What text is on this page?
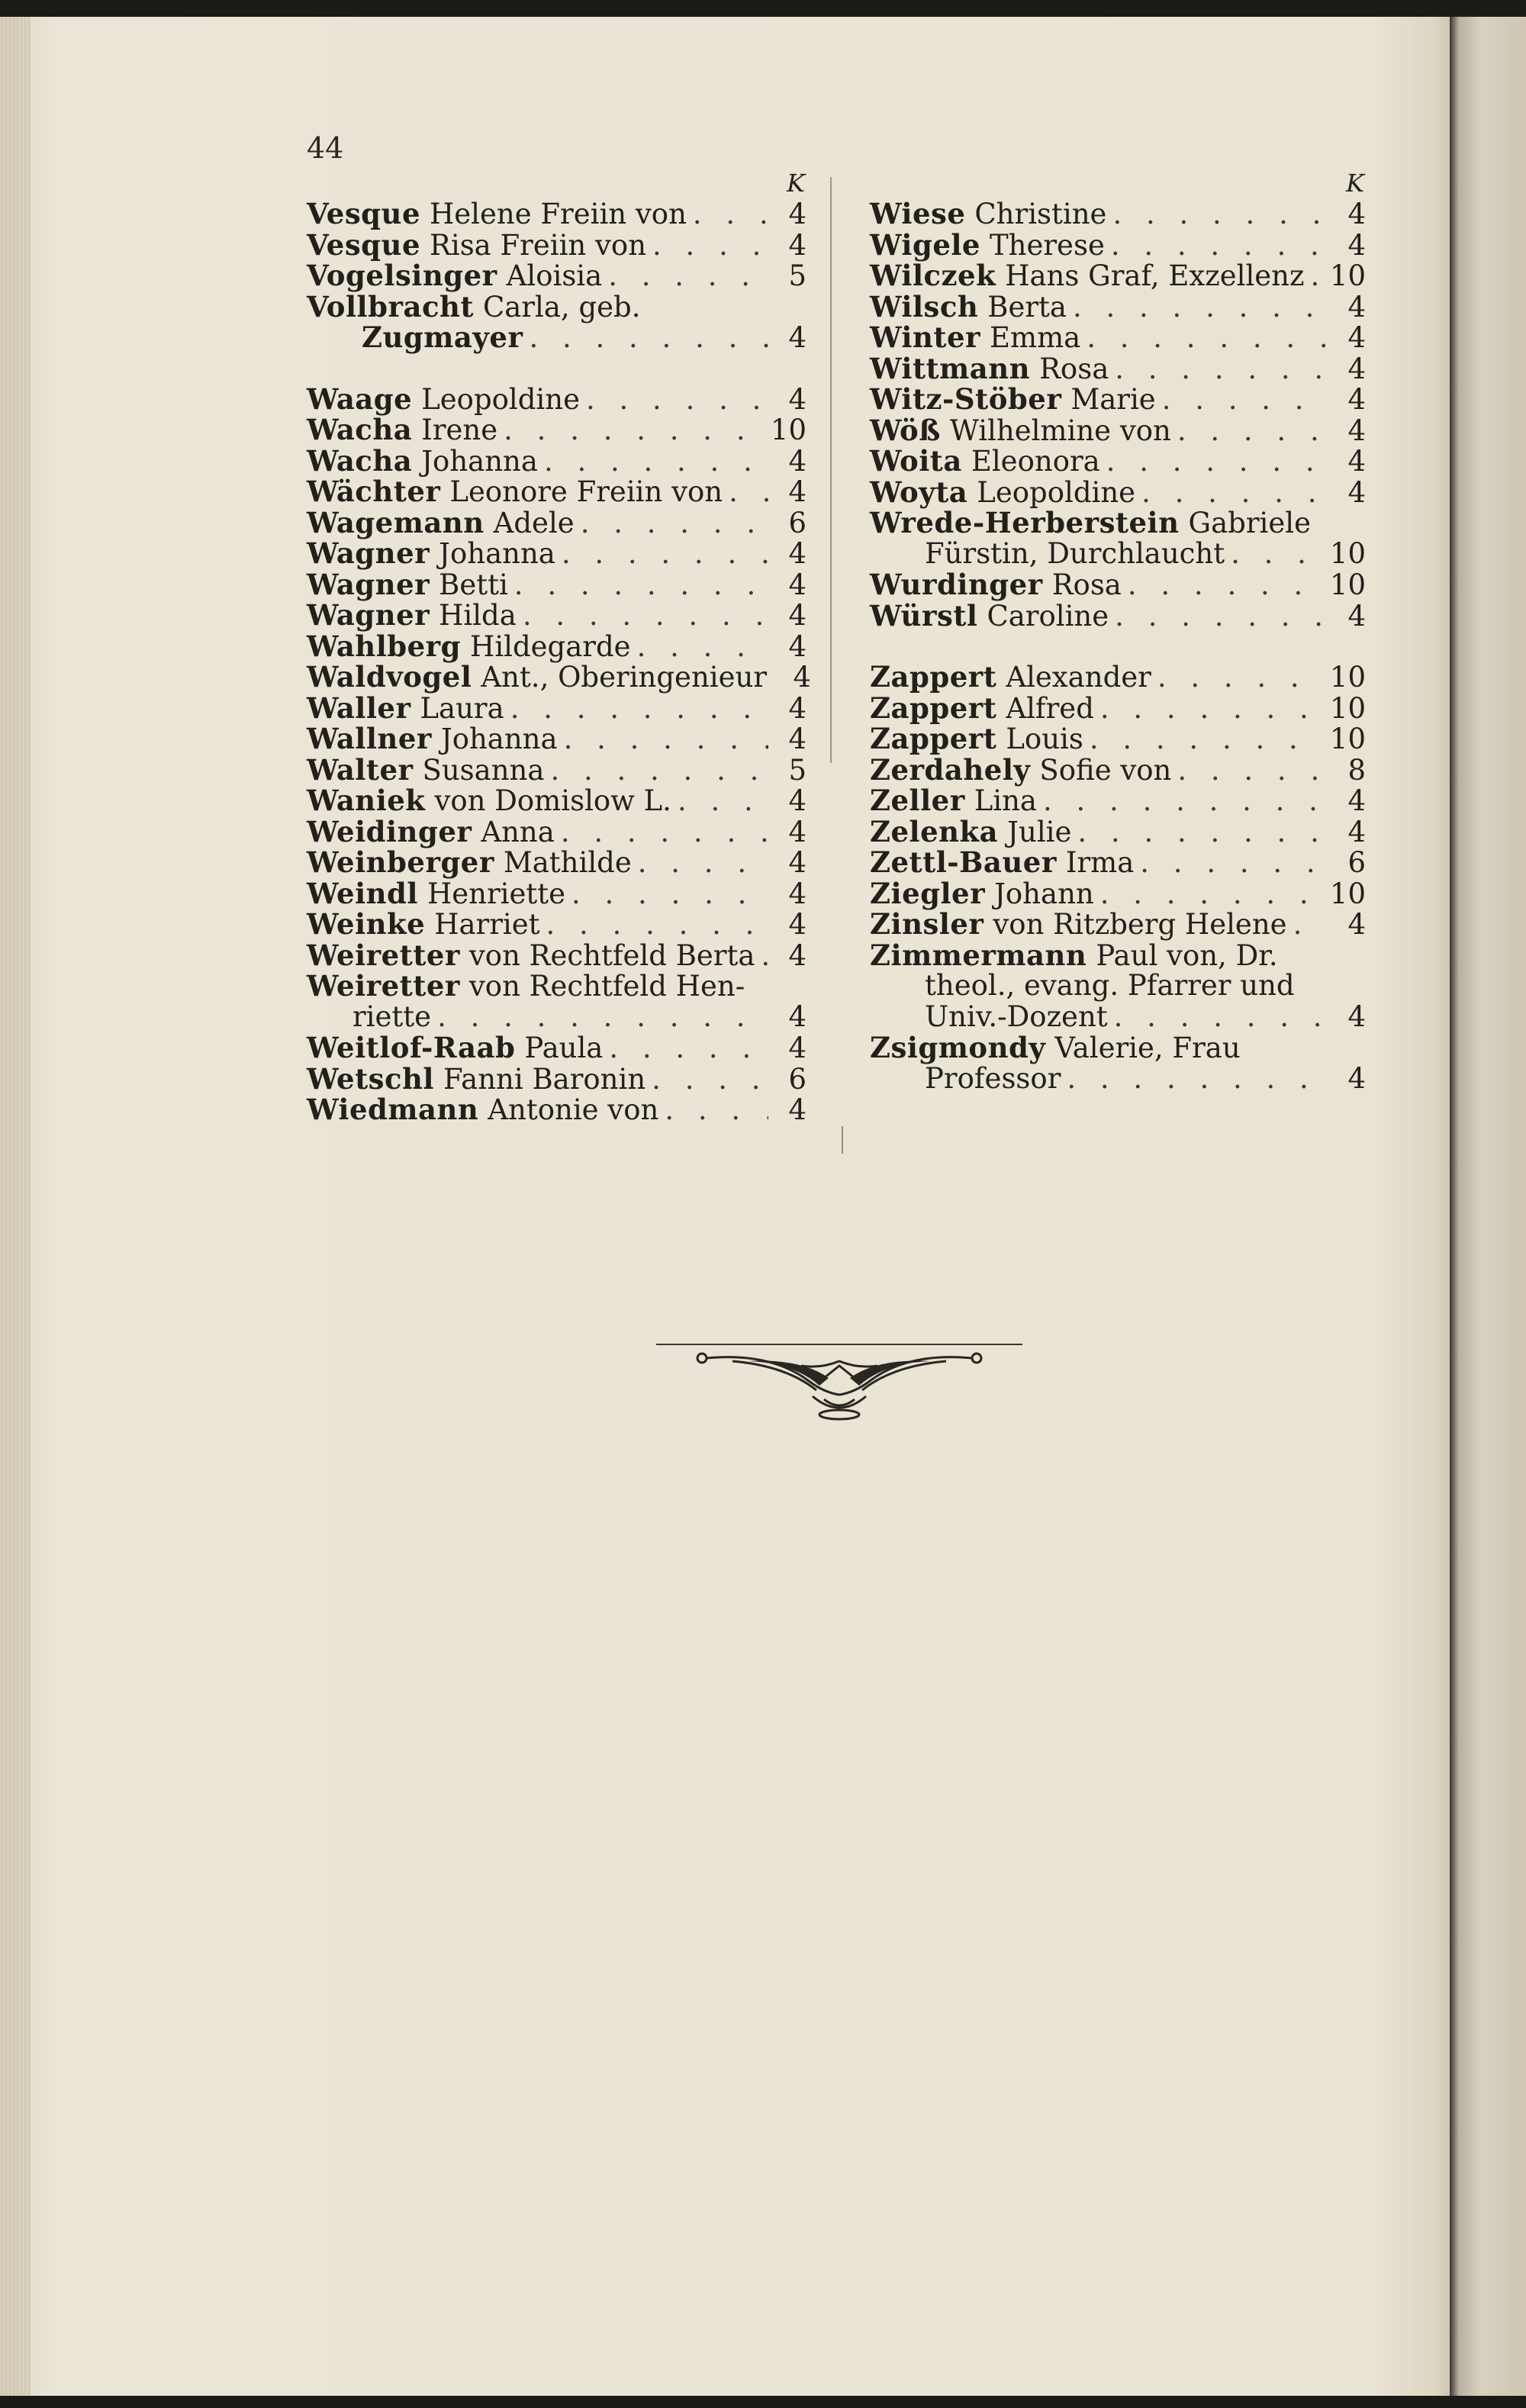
44
K
Vesque Helene Freiin von . . .	4
Vesque Risa Freiin von . . .	4
Vogelsinger Aloisia . . .	5
Vollbracht Carla, geb.
Zugmayer . . .	4
Waage Leopoldine . . .	4
Wacha Irene . . .	10
Wacha Johanna . . .	4
Wächter Leonore Freiin von . . .	4
Wagemann Adele . . .	6
Wagner Johanna . . .	4
Wagner Betti . . .	4
Wagner Hilda . . .	4
Wahlberg Hildegarde . . .	4
Waldvogel Ant., Oberingenieur 4
Waller Laura . . .	4
Wallner Johanna . . .	4
Walter Susanna . . .	5
Waniek von Domislow L. . . .	4
Weidinger Anna . . .	4
Weinberger Mathilde . . .	4
Weindl Henriette . . .	4
Weinke Harriet . . .	4
Weiretter von Rechtfeld Berta . . .	4
Weiretter von Rechtfeld Hen-
riette . . .	4
Weitlof-Raab Paula . . .	4
Wetschl Fanni Baronin . . .	6
Wiedmann Antonie von . . .	4
K
Wiese Christine . . .	4
Wigele Therese . . .	4
Wilczek Hans Graf, Exzellenz . . . 10
Wilsch Berta . . .	4
Winter Emma . . .	4
Wittmann Rosa . . .	4
Witz-Stöber Marie . . .	4
Wöß Wilhelmine von . . .	4
Woita Eleonora . . .	4
Woyta Leopoldine . . .	4
Wrede-Herberstein Gabriele
Fürstin, Durchlaucht . . .	10
Wurdinger Rosa . . .	10
Würstl Caroline . . .	4
Zappert Alexander . . .	10
Zappert Alfred . . .	10
Zappert Louis . . .	10
Zerdahely Sofie von . . .	8
Zeller Lina . . .	4
Zelenka Julie . . .	4
Zettl-Bauer Irma . . .	6
Ziegler Johann . . .	10
Zinsler von Ritzberg Helene . . .	4
Zimmermann Paul von, Dr.
theol., evang. Pfarrer und
Univ.-Dozent . . .	4
Zsigmondy Valerie, Frau
Professor . . .	4
